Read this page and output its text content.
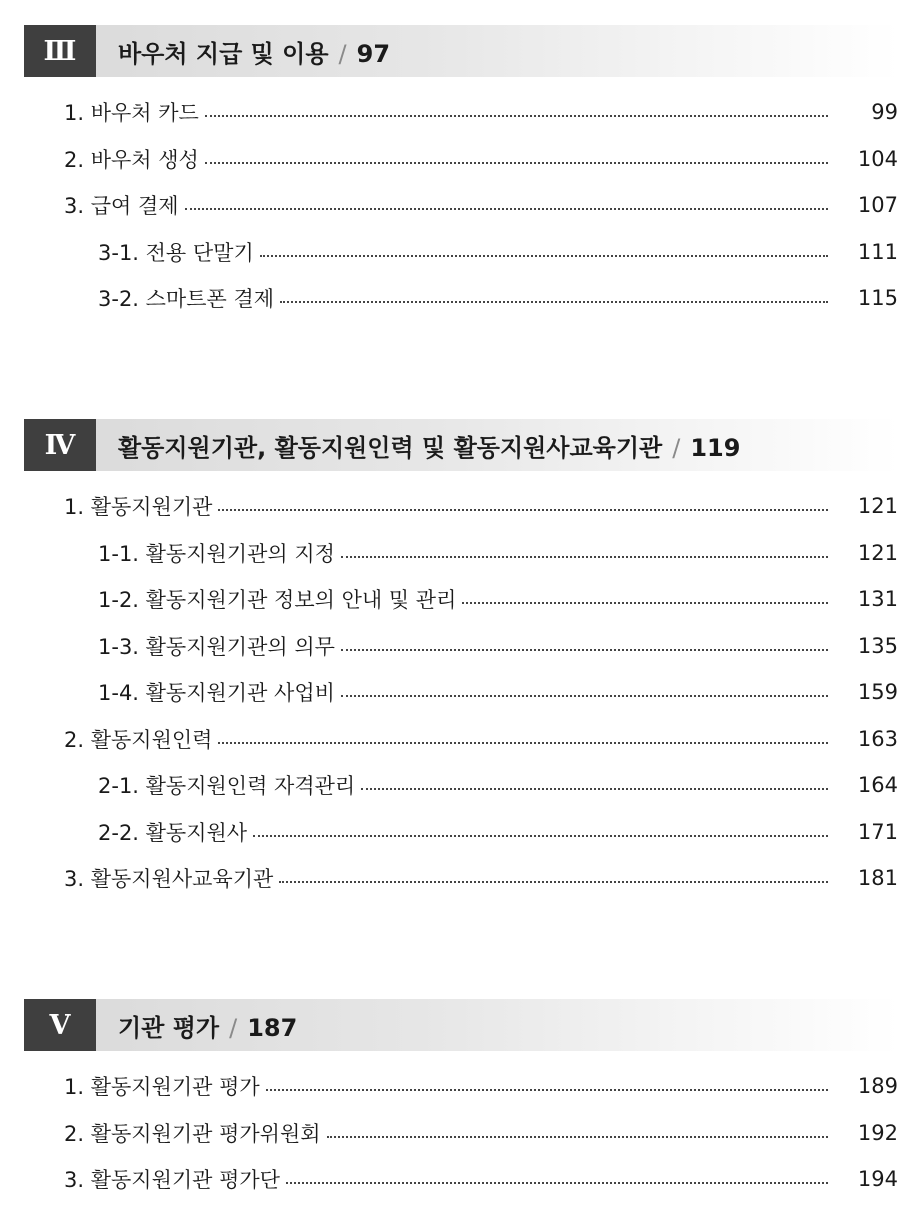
Ⅲ	바우처 지급 및 이용 / 97
1. 바우처 카드	99
2. 바우처 생성	104
3. 급여 결제	107
3-1. 전용 단말기	111
3-2. 스마트폰 결제	115
Ⅳ	활동지원기관, 활동지원인력 및 활동지원사교육기관 / 119
1. 활동지원기관	121
1-1. 활동지원기관의 지정	121
1-2. 활동지원기관 정보의 안내 및 관리	131
1-3. 활동지원기관의 의무	135
1-4. 활동지원기관 사업비	159
2. 활동지원인력	163
2-1. 활동지원인력 자격관리	164
2-2. 활동지원사	171
3. 활동지원사교육기관	181
Ⅴ	기관 평가 / 187
1. 활동지원기관 평가	189
2. 활동지원기관 평가위원회	192
3. 활동지원기관 평가단	194
